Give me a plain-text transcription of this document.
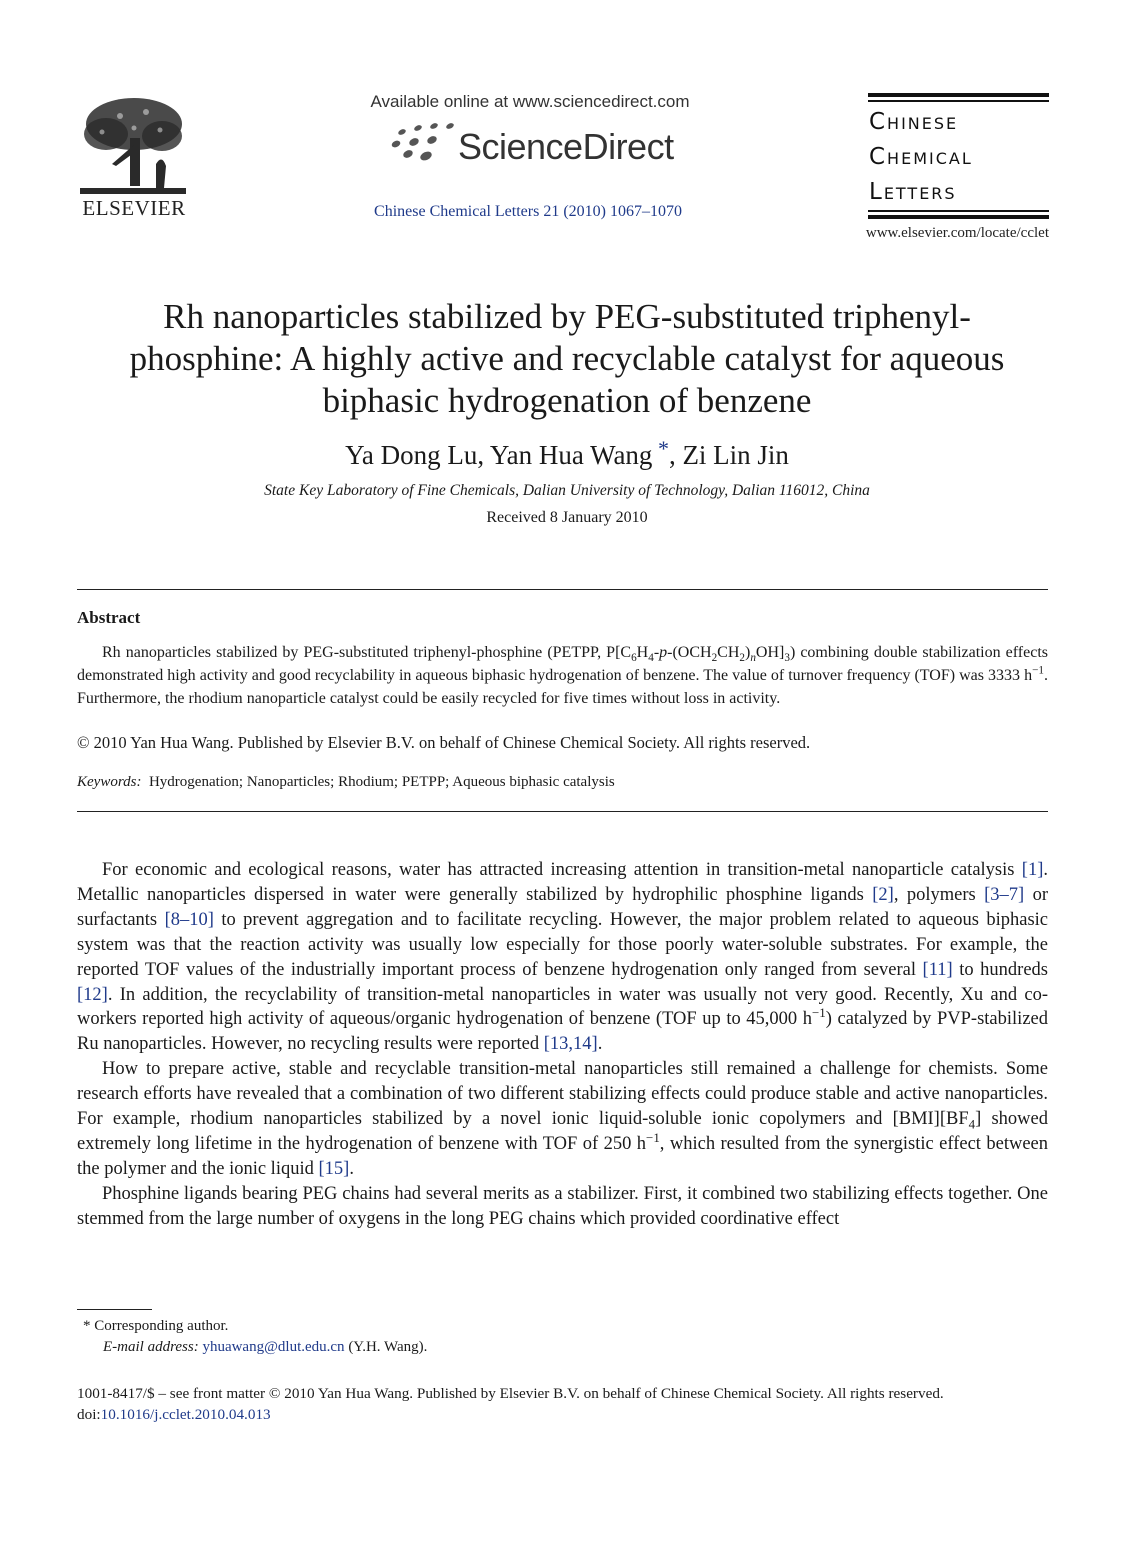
ELSEVIER
Available online at www.sciencedirect.com
ScienceDirect
Chinese Chemical Letters 21 (2010) 1067–1070
Chinese
Chemical
Letters
www.elsevier.com/locate/cclet
Rh nanoparticles stabilized by PEG-substituted triphenyl-phosphine: A highly active and recyclable catalyst for aqueous biphasic hydrogenation of benzene
Ya Dong Lu, Yan Hua Wang *, Zi Lin Jin
State Key Laboratory of Fine Chemicals, Dalian University of Technology, Dalian 116012, China
Received 8 January 2010
Abstract
Rh nanoparticles stabilized by PEG-substituted triphenyl-phosphine (PETPP, $P[C_6H_4-p-(OCH_2CH_2)_nOH]_3$) combining double stabilization effects demonstrated high activity and good recyclability in aqueous biphasic hydrogenation of benzene. The value of turnover frequency (TOF) was 3333 $h^{-1}$. Furthermore, the rhodium nanoparticle catalyst could be easily recycled for five times without loss in activity.
© 2010 Yan Hua Wang. Published by Elsevier B.V. on behalf of Chinese Chemical Society. All rights reserved.
Keywords: Hydrogenation; Nanoparticles; Rhodium; PETPP; Aqueous biphasic catalysis

For economic and ecological reasons, water has attracted increasing attention in transition-metal nanoparticle catalysis [1]. Metallic nanoparticles dispersed in water were generally stabilized by hydrophilic phosphine ligands [2], polymers [3–7] or surfactants [8–10] to prevent aggregation and to facilitate recycling. However, the major problem related to aqueous biphasic system was that the reaction activity was usually low especially for those poorly water-soluble substrates. For example, the reported TOF values of the industrially important process of benzene hydrogenation only ranged from several [11] to hundreds [12]. In addition, the recyclability of transition-metal nanoparticles in water was usually not very good. Recently, Xu and co-workers reported high activity of aqueous/organic hydrogenation of benzene (TOF up to 45,000 $h^{-1}$) catalyzed by PVP-stabilized Ru nanoparticles. However, no recycling results were reported [13,14].

How to prepare active, stable and recyclable transition-metal nanoparticles still remained a challenge for chemists. Some research efforts have revealed that a combination of two different stabilizing effects could produce stable and active nanoparticles. For example, rhodium nanoparticles stabilized by a novel ionic liquid-soluble ionic copolymers and $[BMI][BF_4]$ showed extremely long lifetime in the hydrogenation of benzene with TOF of 250 $h^{-1}$, which resulted from the synergistic effect between the polymer and the ionic liquid [15].

Phosphine ligands bearing PEG chains had several merits as a stabilizer. First, it combined two stabilizing effects together. One stemmed from the large number of oxygens in the long PEG chains which provided coordinative effect

* Corresponding author.
E-mail address: yhuawang@dlut.edu.cn (Y.H. Wang).
1001-8417/$ – see front matter © 2010 Yan Hua Wang. Published by Elsevier B.V. on behalf of Chinese Chemical Society. All rights reserved.
doi:10.1016/j.cclet.2010.04.013
